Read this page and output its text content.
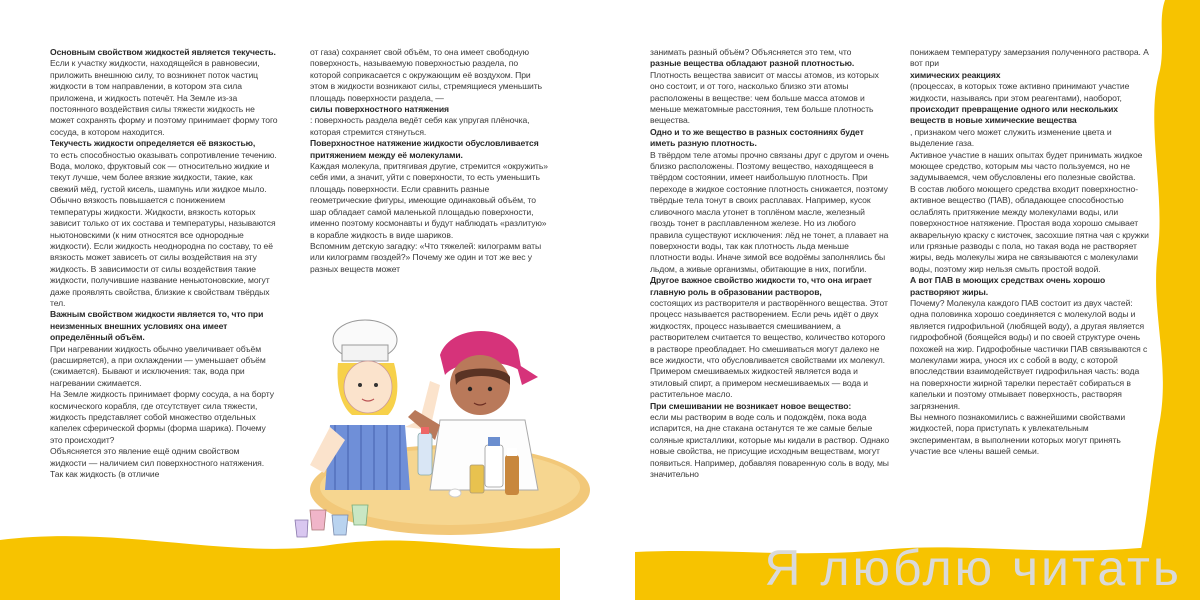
Основным свойством жидкостей является текучесть.

Если к участку жидкости, находящейся в равновесии, приложить внешнюю силу, то возникнет поток частиц жидкости в том направлении, в котором эта сила приложена, и жидкость потечёт. На Земле из-за постоянного воздействия силы тяжести жидкость не может сохранять форму и поэтому принимает форму того сосуда, в котором находится.

Текучесть жидкости определяется её вязкостью,

то есть способностью оказывать сопротивление течению. Вода, молоко, фруктовый сок — относительно жидкие и текут лучше, чем более вязкие жидкости, такие, как свежий мёд, густой кисель, шампунь или жидкое мыло. Обычно вязкость повышается с понижением температуры жидкости. Жидкости, вязкость которых зависит только от их состава и температуры, называются ньютоновскими (к ним относятся все однородные жидкости). Если жидкость неоднородна по составу, то её вязкость может зависеть от силы воздействия на эту жидкость. В зависимости от силы воздействия такие жидкости, получившие название неньютоновские, могут даже проявлять свойства, близкие к свойствам твёрдых тел.

Важным свойством жидкости является то, что при неизменных внешних условиях она имеет определённый объём.

При нагревании жидкость обычно увеличивает объём (расширяется), а при охлаждении — уменьшает объём (сжимается). Бывают и исключения: так, вода при нагревании сжимается.
На Земле жидкость принимает форму сосуда, а на борту космического корабля, где отсутствует сила тяжести, жидкость представляет собой множество отдельных капелек сферической формы (форма шарика). Почему это происходит?
Объясняется это явление ещё одним свойством жидкости — наличием сил поверхностного натяжения. Так как жидкость (в отличие

от газа) сохраняет свой объём, то она имеет свободную поверхность, называемую поверхностью раздела, по которой соприкасается с окружающим её воздухом. При этом в жидкости возникают силы, стремящиеся уменьшить площадь поверхности раздела, —

силы поверхностного натяжения

: поверхность раздела ведёт себя как упругая плёночка, которая стремится стянуться.

Поверхностное натяжение жидкости обусловливается притяжением между её молекулами.

Каждая молекула, притягивая другие, стремится «окружить» себя ими, а значит, уйти с поверхности, то есть уменьшить площадь поверхности. Если сравнить разные геометрические фигуры, имеющие одинаковый объём, то шар обладает самой маленькой площадью поверхности, именно поэтому космонавты и будут наблюдать «разлитую» в корабле жидкость в виде шариков.
Вспомним детскую загадку: «Что тяжелей: килограмм ваты или килограмм гвоздей?» Почему же один и тот же вес у разных веществ может

занимать разный объём? Объясняется это тем, что

разные вещества обладают разной плотностью.

Плотность вещества зависит от массы атомов, из которых оно состоит, и от того, насколько близко эти атомы расположены в веществе: чем больше масса атомов и меньше межатомные расстояния, тем больше плотность вещества.

Одно и то же вещество в разных состояниях будет иметь разную плотность.

В твёрдом теле атомы прочно связаны друг с другом и очень близко расположены. Поэтому вещество, находящееся в твёрдом состоянии, имеет наибольшую плотность. При переходе в жидкое состояние плотность снижается, поэтому твёрдые тела тонут в своих расплавах. Например, кусок сливочного масла утонет в топлёном масле, железный гвоздь тонет в расплавленном железе. Но из любого правила существуют исключения: лёд не тонет, а плавает на поверхности воды, так как плотность льда меньше плотности воды. Иначе зимой все водоёмы заполнялись бы льдом, а живые организмы, обитающие в них, погибли.

Другое важное свойство жидкости то, что она играет главную роль в образовании растворов,

состоящих из растворителя и растворённого вещества. Этот процесс называется растворением. Если речь идёт о двух жидкостях, процесс называется смешиванием, а растворителем считается то вещество, количество которого в растворе преобладает. Но смешиваться могут далеко не все жидкости, что обусловливается свойствами их молекул. Примером смешиваемых жидкостей является вода и этиловый спирт, а примером несмешиваемых — вода и растительное масло.

При смешивании не возникает новое вещество:

если мы растворим в воде соль и подождём, пока вода испарится, на дне стакана останутся те же самые белые соляные кристаллики, которые мы кидали в раствор. Однако новые свойства, не присущие исходным веществам, могут появиться. Например, добавляя поваренную соль в воду, мы значительно

понижаем температуру замерзания полученного раствора. А вот при

химических реакциях

(процессах, в которых тоже активно принимают участие жидкости, называясь при этом реагентами), наоборот,

происходит превращение одного или нескольких веществ в новые химические вещества

, признаком чего может служить изменение цвета и выделение газа.
Активное участие в наших опытах будет принимать жидкое моющее средство, которым мы часто пользуемся, но не задумываемся, чем обусловлены его полезные свойства.
В состав любого моющего средства входит поверхностно-активное вещество (ПАВ), обладающее способностью ослаблять притяжение между молекулами воды, или поверхностное натяжение. Простая вода хорошо смывает акварельную краску с кисточек, засохшие пятна чая с кружки или грязные разводы с пола, но такая вода не растворяет жиры, ведь молекулы жира не связываются с молекулами воды, поэтому жир нельзя смыть простой водой.

А вот ПАВ в моющих средствах очень хорошо растворяют жиры.

Почему? Молекула каждого ПАВ состоит из двух частей: одна половинка хорошо соединяется с молекулой воды и является гидрофильной (любящей воду), а другая является гидрофобной (боящейся воды) и по своей структуре очень похожей на жир. Гидрофобные частички ПАВ связываются с молекулами жира, унося их с собой в воду, с которой впоследствии взаимодействует гидрофильная часть: вода на поверхности жирной тарелки перестаёт собираться в капельки и поэтому отмывает поверхность, растворяя загрязнения.
Вы немного познакомились с важнейшими свойствами жидкостей, пора приступать к увлекательным экспериментам, в выполнении которых могут принять участие все члены вашей семьи.

Я люблю читать
